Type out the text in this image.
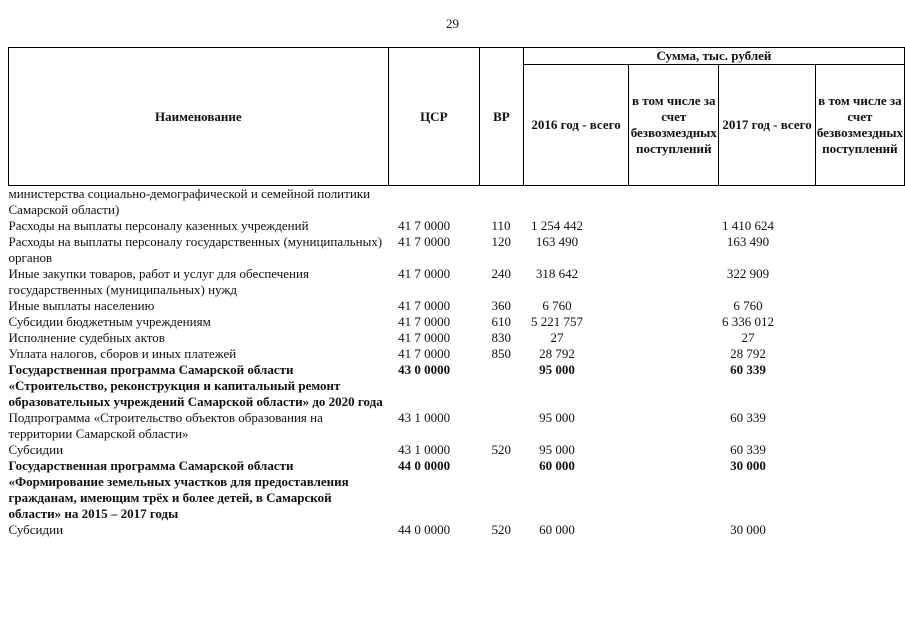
29
Наименование	ЦСР	ВР	Сумма, тыс. рублей			
			2016 год - всего	в том числе за счет безвозмездных поступлений	2017 год - всего	в том числе за счет безвозмездных поступлений
министерства социально-демографической и семейной политики Самарской области)						
Расходы на выплаты персоналу казенных учреждений	41 7 0000	110	1 254 442		1 410 624	
Расходы на выплаты персоналу государственных (муниципальных) органов	41 7 0000	120	163 490		163 490	
Иные закупки товаров, работ и услуг для обеспечения государственных (муниципальных) нужд	41 7 0000	240	318 642		322 909	
Иные выплаты населению	41 7 0000	360	6 760		6 760	
Субсидии бюджетным учреждениям	41 7 0000	610	5 221 757		6 336 012	
Исполнение судебных актов	41 7 0000	830	27		27	
Уплата налогов, сборов и иных платежей	41 7 0000	850	28 792		28 792	
Государственная программа Самарской области «Строительство, реконструкция и капитальный ремонт образовательных учреждений Самарской области» до 2020 года	43 0 0000		95 000		60 339	
Подпрограмма «Строительство объектов образования на территории Самарской области»	43 1 0000		95 000		60 339	
Субсидии	43 1 0000	520	95 000		60 339	
Государственная программа Самарской области «Формирование земельных участков для предоставления гражданам, имеющим трёх и более детей, в Самарской области» на 2015 – 2017 годы	44 0 0000		60 000		30 000	
Субсидии	44 0 0000	520	60 000		30 000	
